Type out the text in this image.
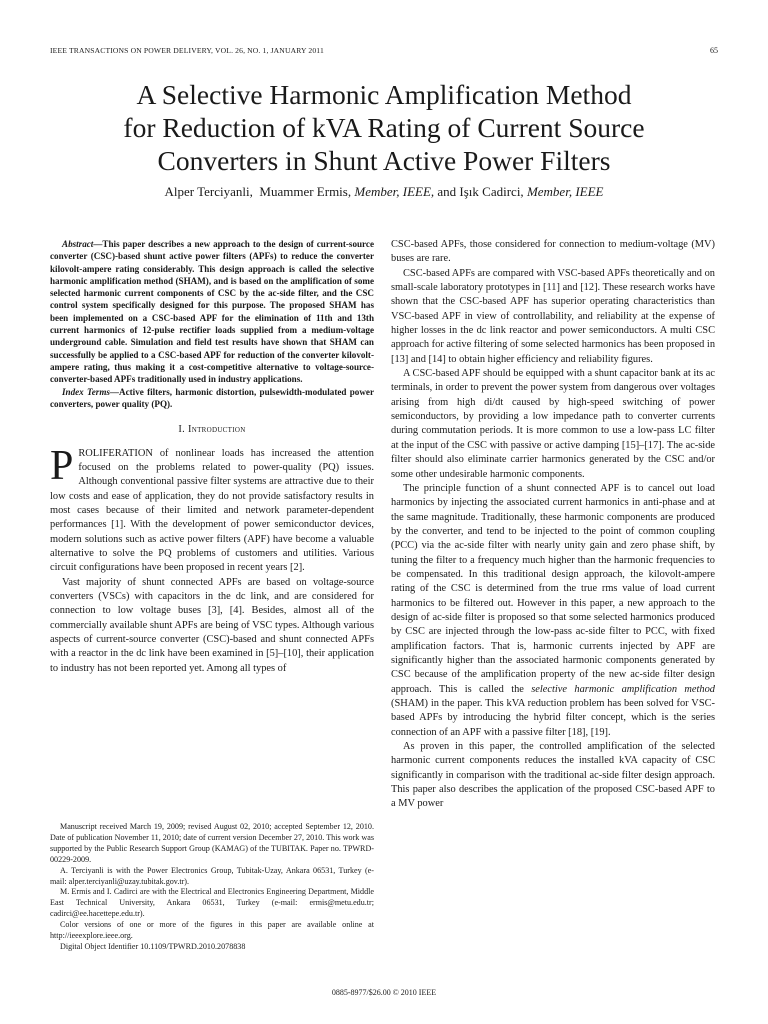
IEEE TRANSACTIONS ON POWER DELIVERY, VOL. 26, NO. 1, JANUARY 2011	65
A Selective Harmonic Amplification Method
for Reduction of kVA Rating of Current Source
Converters in Shunt Active Power Filters
Alper Terciyanli, Muammer Ermis, Member, IEEE, and Işık Cadirci, Member, IEEE

Abstract—This paper describes a new approach to the design of current-source converter (CSC)-based shunt active power filters (APFs) to reduce the converter kilovolt-ampere rating considerably. This design approach is called the selective harmonic amplification method (SHAM), and is based on the amplification of some selected harmonic current components of CSC by the ac-side filter, and the CSC control system specifically designed for this purpose. The proposed SHAM has been implemented on a CSC-based APF for the elimination of 11th and 13th current harmonics of 12-pulse rectifier loads supplied from a medium-voltage underground cable. Simulation and field test results have shown that SHAM can successfully be applied to a CSC-based APF for reduction of the converter kilovolt-ampere rating, thus making it a cost-competitive alternative to voltage-source-converter-based APFs traditionally used in industry applications.

Index Terms—Active filters, harmonic distortion, pulsewidth-modulated power converters, power quality (PQ).

I. Introduction

PROLIFERATION of nonlinear loads has increased the attention focused on the problems related to power-quality (PQ) issues. Although conventional passive filter systems are attractive due to their low costs and ease of application, they do not provide satisfactory results in most cases because of their limited and network parameter-dependent performances [1]. With the development of power semiconductor devices, modern solutions such as active power filters (APF) have become a valuable alternative to solve the PQ problems of customers and utilities. Various circuit configurations have been proposed in recent years [2].

Vast majority of shunt connected APFs are based on voltage-source converters (VSCs) with capacitors in the dc link, and are considered for connection to low voltage buses [3], [4]. Besides, almost all of the commercially available shunt APFs are being of VSC types. Although various aspects of current-source converter (CSC)-based and shunt connected APFs with a reactor in the dc link have been examined in [5]–[10], their application to industry has not been reported yet. Among all types of

Manuscript received March 19, 2009; revised August 02, 2010; accepted September 12, 2010. Date of publication November 11, 2010; date of current version December 27, 2010. This work was supported by the Public Research Support Group (KAMAG) of the TUBITAK. Paper no. TPWRD-00229-2009.

A. Terciyanli is with the Power Electronics Group, Tubitak-Uzay, Ankara 06531, Turkey (e-mail: alper.terciyanli@uzay.tubitak.gov.tr).

M. Ermis and I. Cadirci are with the Electrical and Electronics Engineering Department, Middle East Technical University, Ankara 06531, Turkey (e-mail: ermis@metu.edu.tr; cadirci@ee.hacettepe.edu.tr).

Color versions of one or more of the figures in this paper are available online at http://ieeexplore.ieee.org.

Digital Object Identifier 10.1109/TPWRD.2010.2078838

CSC-based APFs, those considered for connection to medium-voltage (MV) buses are rare.

CSC-based APFs are compared with VSC-based APFs theoretically and on small-scale laboratory prototypes in [11] and [12]. These research works have shown that the CSC-based APF has superior operating characteristics than VSC-based APF in view of controllability, and reliability at the expense of higher losses in the dc link reactor and power semiconductors. A multi CSC approach for active filtering of some selected harmonics has been proposed in [13] and [14] to obtain higher efficiency and reliability figures.

A CSC-based APF should be equipped with a shunt capacitor bank at its ac terminals, in order to prevent the power system from dangerous over voltages arising from high di/dt caused by high-speed switching of power semiconductors, by providing a low impedance path to converter currents during commutation periods. It is more common to use a low-pass LC filter at the input of the CSC with passive or active damping [15]–[17]. The ac-side filter should also eliminate carrier harmonics generated by the CSC and/or some other undesirable harmonic components.

The principle function of a shunt connected APF is to cancel out load harmonics by injecting the associated current harmonics in anti-phase and at the same magnitude. Traditionally, these harmonic components are produced by the converter, and tend to be injected to the point of common coupling (PCC) via the ac-side filter with nearly unity gain and zero phase shift, by tuning the filter to a frequency much higher than the harmonic frequencies to be compensated. In this traditional design approach, the kilovolt-ampere rating of the CSC is determined from the true rms value of load current harmonics to be filtered out. However in this paper, a new approach to the design of ac-side filter is proposed so that some selected harmonics produced by CSC are injected through the low-pass ac-side filter to PCC, with fixed amplification factors. That is, harmonic currents injected by APF are significantly higher than the associated harmonic components generated by CSC because of the amplification property of the new ac-side filter design approach. This is called the selective harmonic amplification method (SHAM) in the paper. This kVA reduction problem has been solved for VSC-based APFs by introducing the hybrid filter concept, which is the series connection of an APF with a passive filter [18], [19].

As proven in this paper, the controlled amplification of the selected harmonic current components reduces the installed kVA capacity of CSC significantly in comparison with the traditional ac-side filter design approach. This paper also describes the application of the proposed CSC-based APF to a MV power

0885-8977/$26.00 © 2010 IEEE
